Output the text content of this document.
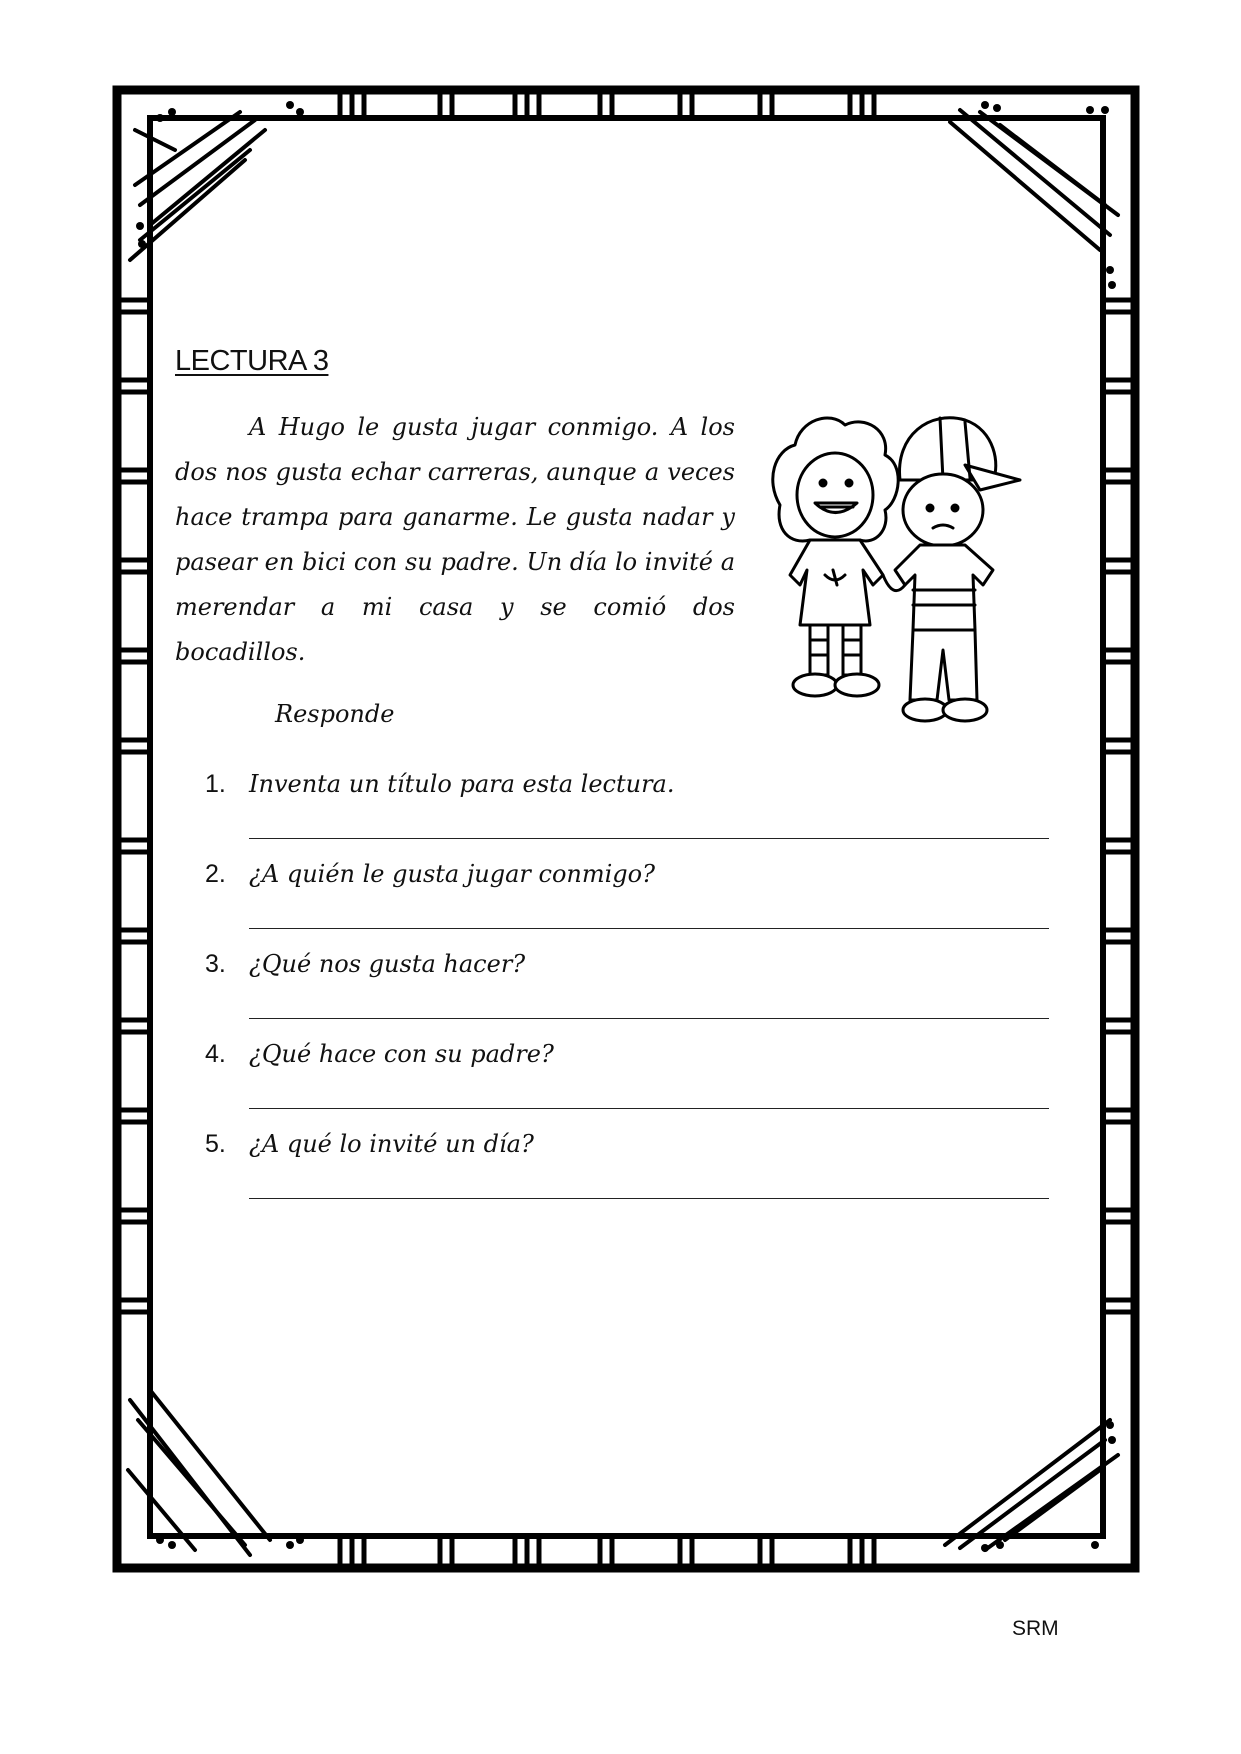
LECTURA 3

A Hugo le gusta jugar conmigo. A los dos nos gusta echar carreras, aunque a veces hace trampa para ganarme. Le gusta nadar y pasear en bici con su padre. Un día lo invité a merendar a mi casa y se comió dos bocadillos.

Responde
1. Inventa un título para esta lectura.
2. ¿A quién le gusta jugar conmigo?
3. ¿Qué nos gusta hacer?
4. ¿Qué hace con su padre?
5. ¿A qué lo invité un día?
SRM
